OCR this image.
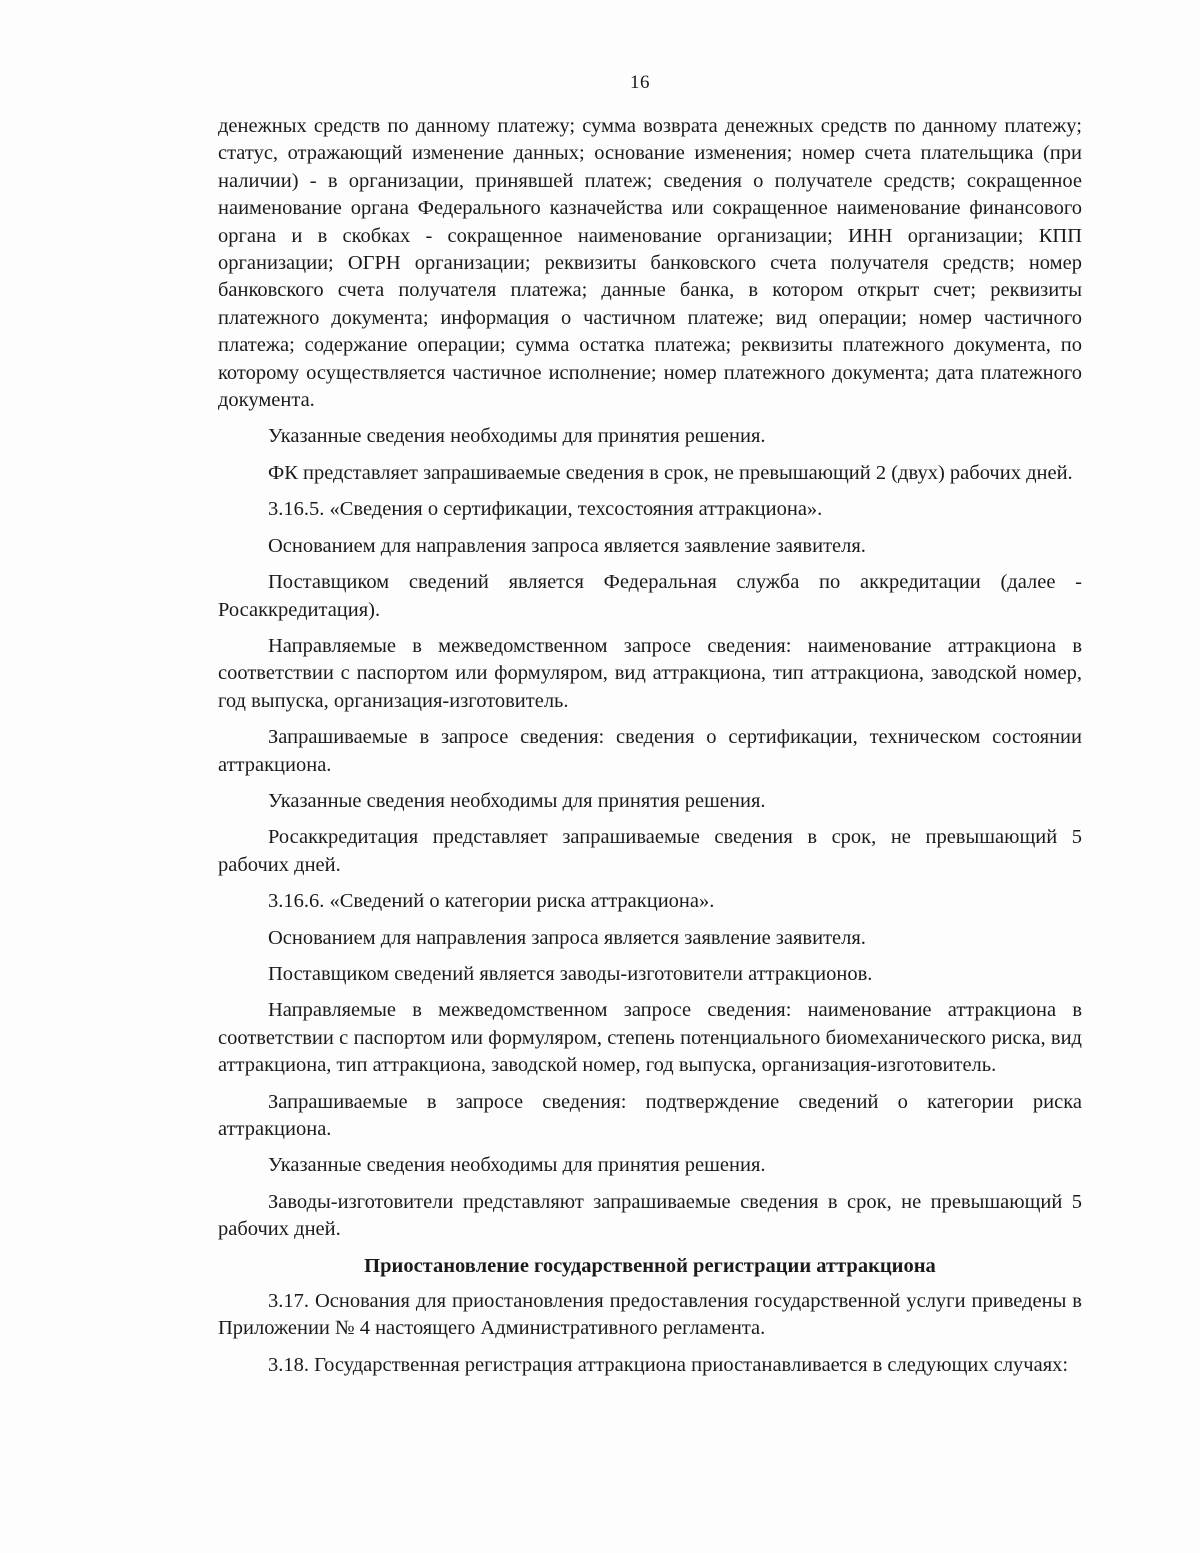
16

денежных средств по данному платежу; сумма возврата денежных средств по данному платежу; статус, отражающий изменение данных; основание изменения; номер счета плательщика (при наличии) - в организации, принявшей платеж; сведения о получателе средств; сокращенное наименование органа Федерального казначейства или сокращенное наименование финансового органа и в скобках - сокращенное наименование организации; ИНН организации; КПП организации; ОГРН организации; реквизиты банковского счета получателя средств; номер банковского счета получателя платежа; данные банка, в котором открыт счет; реквизиты платежного документа; информация о частичном платеже; вид операции; номер частичного платежа; содержание операции; сумма остатка платежа; реквизиты платежного документа, по которому осуществляется частичное исполнение; номер платежного документа; дата платежного документа.

Указанные сведения необходимы для принятия решения.

ФК представляет запрашиваемые сведения в срок, не превышающий 2 (двух) рабочих дней.

3.16.5. «Сведения о сертификации, техсостояния аттракциона».

Основанием для направления запроса является заявление заявителя.

Поставщиком сведений является Федеральная служба по аккредитации (далее - Росаккредитация).

Направляемые в межведомственном запросе сведения: наименование аттракциона в соответствии с паспортом или формуляром, вид аттракциона, тип аттракциона, заводской номер, год выпуска, организация-изготовитель.

Запрашиваемые в запросе сведения: сведения о сертификации, техническом состоянии аттракциона.

Указанные сведения необходимы для принятия решения.

Росаккредитация представляет запрашиваемые сведения в срок, не превышающий 5 рабочих дней.

3.16.6. «Сведений о категории риска аттракциона».

Основанием для направления запроса является заявление заявителя.

Поставщиком сведений является заводы-изготовители аттракционов.

Направляемые в межведомственном запросе сведения: наименование аттракциона в соответствии с паспортом или формуляром, степень потенциального биомеханического риска, вид аттракциона, тип аттракциона, заводской номер, год выпуска, организация-изготовитель.

Запрашиваемые в запросе сведения: подтверждение сведений о категории риска аттракциона.

Указанные сведения необходимы для принятия решения.

Заводы-изготовители представляют запрашиваемые сведения в срок, не превышающий 5 рабочих дней.

Приостановление государственной регистрации аттракциона

3.17. Основания для приостановления предоставления государственной услуги приведены в Приложении № 4 настоящего Административного регламента.

3.18. Государственная регистрация аттракциона приостанавливается в следующих случаях:
